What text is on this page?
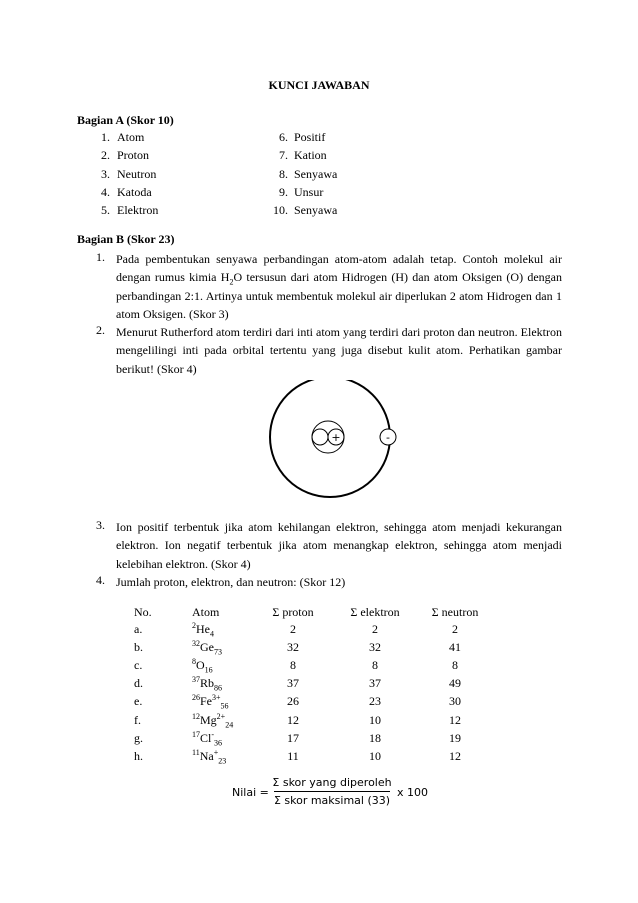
KUNCI JAWABAN
Bagian A (Skor 10)
1. Atom
2. Proton
3. Neutron
4. Katoda
5. Elektron
6. Positif
7. Kation
8. Senyawa
9. Unsur
10. Senyawa
Bagian B (Skor 23)
1. Pada pembentukan senyawa perbandingan atom-atom adalah tetap. Contoh molekul air dengan rumus kimia $H_2O$ tersusun dari atom Hidrogen (H) dan atom Oksigen (O) dengan perbandingan 2:1. Artinya untuk membentuk molekul air diperlukan 2 atom Hidrogen dan 1 atom Oksigen. (Skor 3)
2. Menurut Rutherford atom terdiri dari inti atom yang terdiri dari proton dan neutron. Elektron mengelilingi inti pada orbital tertentu yang juga disebut kulit atom. Perhatikan gambar berikut! (Skor 4)
+	-
3. Ion positif terbentuk jika atom kehilangan elektron, sehingga atom menjadi kekurangan elektron. Ion negatif terbentuk jika atom menangkap elektron, sehingga atom menjadi kelebihan elektron. (Skor 4)
4. Jumlah proton, elektron, dan neutron: (Skor 12)
No.	Atom	Σ proton	Σ elektron	Σ neutron
a.	$^2He_4$	2	2	2
b.	$^{32}Ge_{73}$	32	32	41
c.	$^8O_{16}$	8	8	8
d.	$^{37}Rb_{86}$	37	37	49
e.	$^{26}Fe^{3+}_{56}$	26	23	30
f.	$^{12}Mg^{2+}_{24}$	12	10	12
g.	$^{17}Cl^-_{36}$	17	18	19
h.	$^{11}Na^+_{23}$	11	10	12
Nilai =
Σ skor yang diperoleh
Σ skor maksimal (33)
x 100
